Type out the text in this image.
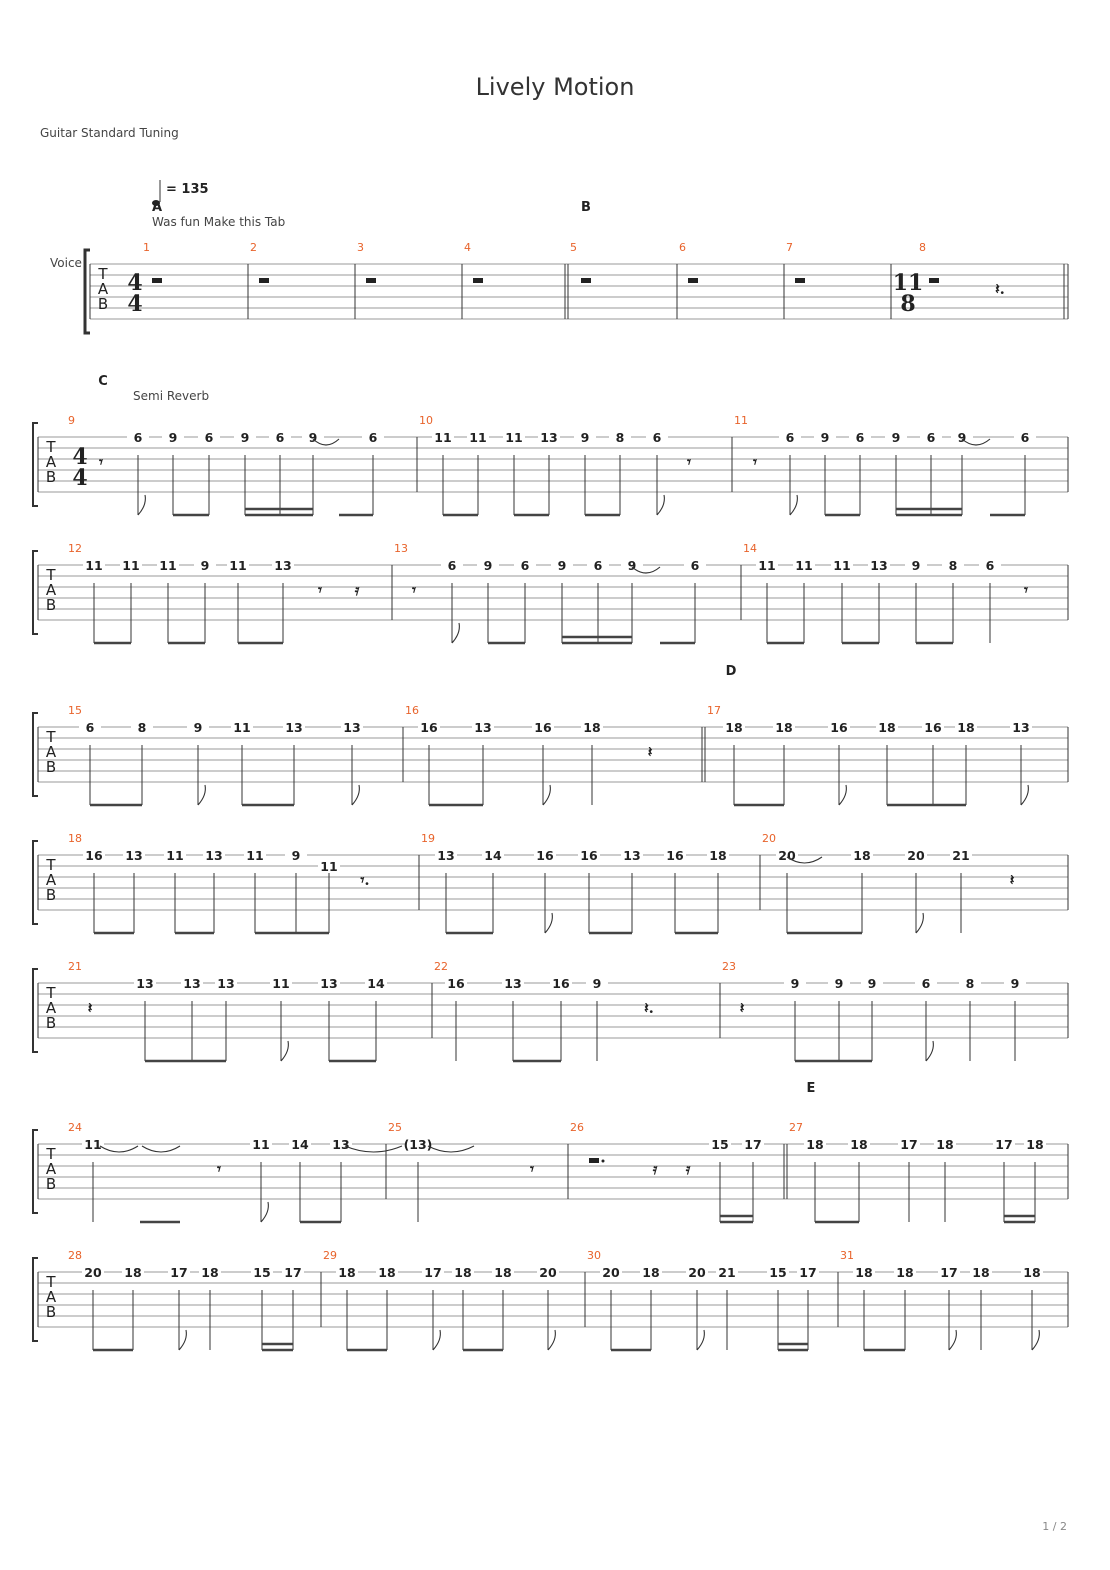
Lively Motion
Guitar Standard Tuning
Voice
= 135
Was fun Make this Tab
Semi Reverb
1 / 2
T
A
B
4
4
11
8
1
A
2	3	4	5
B
6	7	8
𝄽.
T
A
B
4
4
9
C
6 9 6 9 6 9	6
10
11 11 11 13 9 8 6
11
6 9 6 9 6 9	6
𝄾	𝄾	𝄾
T
A
B
12
11 11 11 9 11 13
13
6 9 6 9 6 9	6
14
11 11 11 13 9 8 6
𝄾 𝄿	𝄾	𝄾
T
A
B
15
6	8	9 11	13	13
16
16	13	16	18
17
D
18	18	16 18 16 18	13
𝄽
T
A
B
18
16 13 11 13 11 9
11
19
13 14	16 16 13 16 18
20
20	18	20 21
𝄾.	𝄽
T
A
B
21
13 13 13	11 13 14
22
16	13 16 9
23
9	9 9	6	8	9
𝄽	𝄽.	𝄽
T
A
B
24
11	11 14 13
25
(13)
26
15 17
27
E
18 18	17 18	17 18
𝄾	𝄾	𝄿 𝄿
T
A
B
28
20 18 17 18	15 17
29
18 18 17 18 18 20
30
20 18 20 21	15 17
31
18 18 17 18	18
